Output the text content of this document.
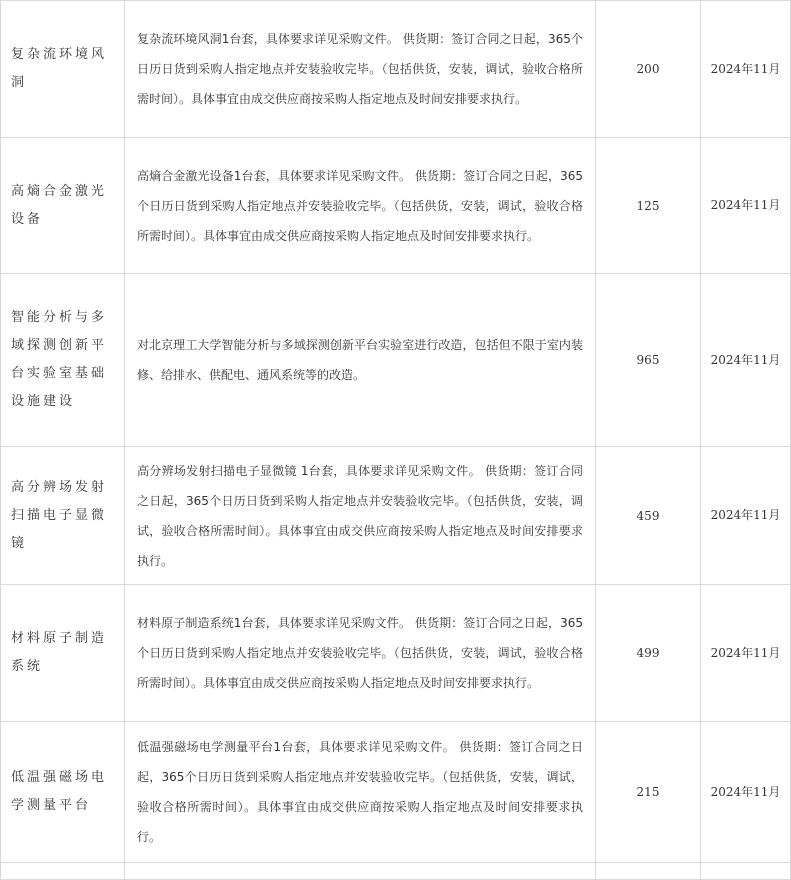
复杂流环境风洞	复杂流环境风洞1台套，具体要求详见采购文件。 供货期：签订合同之日起，365个日历日货到采购人指定地点并安装验收完毕。（包括供货，安装，调试，验收合格所需时间）。具体事宜由成交供应商按采购人指定地点及时间安排要求执行。	200	2024年11月
高熵合金激光设备	高熵合金激光设备1台套，具体要求详见采购文件。 供货期：签订合同之日起，365个日历日货到采购人指定地点并安装验收完毕。（包括供货，安装，调试，验收合格所需时间）。具体事宜由成交供应商按采购人指定地点及时间安排要求执行。	125	2024年11月
智能分析与多域探测创新平台实验室基础设施建设	对北京理工大学智能分析与多域探测创新平台实验室进行改造，包括但不限于室内装修、给排水、供配电、通风系统等的改造。	965	2024年11月
高分辨场发射扫描电子显微镜	高分辨场发射扫描电子显微镜 1台套，具体要求详见采购文件。 供货期：签订合同之日起，365个日历日货到采购人指定地点并安装验收完毕。（包括供货，安装，调试，验收合格所需时间）。具体事宜由成交供应商按采购人指定地点及时间安排要求执行。	459	2024年11月
材料原子制造系统	材料原子制造系统1台套，具体要求详见采购文件。 供货期：签订合同之日起，365个日历日货到采购人指定地点并安装验收完毕。（包括供货，安装，调试，验收合格所需时间）。具体事宜由成交供应商按采购人指定地点及时间安排要求执行。	499	2024年11月
低温强磁场电学测量平台	低温强磁场电学测量平台1台套，具体要求详见采购文件。 供货期：签订合同之日起，365个日历日货到采购人指定地点并安装验收完毕。（包括供货，安装，调试，验收合格所需时间）。具体事宜由成交供应商按采购人指定地点及时间安排要求执行。	215	2024年11月
